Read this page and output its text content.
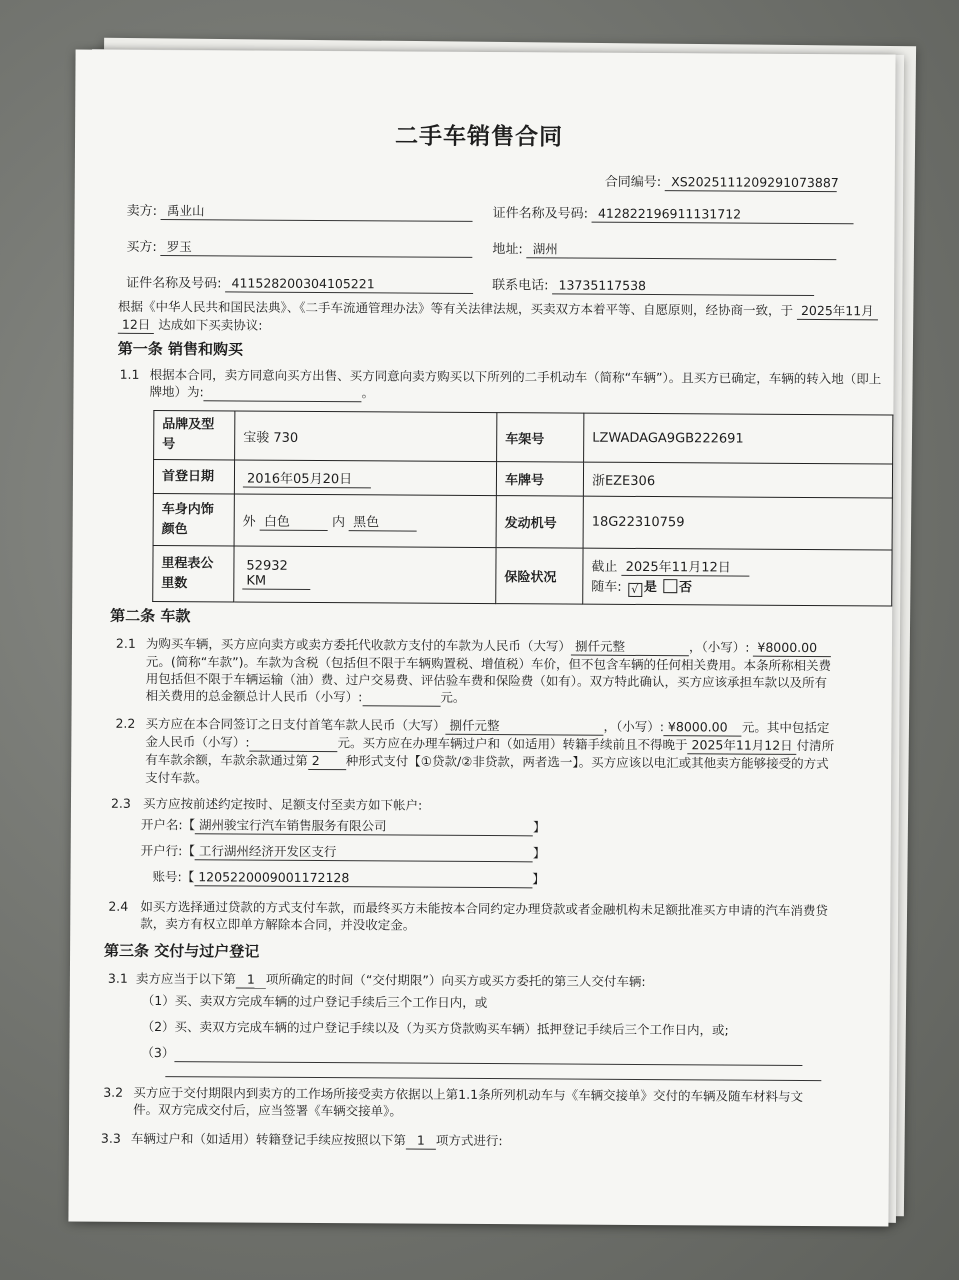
二手车销售合同
合同编号: XS2025111209291073887
卖方: 禹业山	证件名称及号码: 412822196911131712
买方: 罗玉	地址: 湖州
证件名称及号码: 411528200304105221	联系电话: 13735117538
根据《中华人民共和国民法典》、《二手车流通管理办法》等有关法律法规，买卖双方本着平等、自愿原则，经协商一致，于 2025年11月
12日 达成如下买卖协议:
第一条 销售和购买
1.1 根据本合同，卖方同意向买方出售、买方同意向卖方购买以下所列的二手机动车（简称“车辆”）。且买方已确定，车辆的转入地（即上牌地）为:	。
品牌及型号	宝骏 730	车架号	LZWADAGA9GB222691
首登日期	2016年05月20日	车牌号	浙EZE306
车身内饰颜色	外 白色 内 黑色	发动机号	18G22310759
里程表公里数	52932 KM	保险状况	截止 2025年11月12日
随车: √ 是 否
第二条 车款
2.1 为购买车辆，买方应向卖方或卖方委托代收款方支付的车款为人民币（大写） 捌仟元整	，（小写）: ¥8000.00元。(简称“车款”)。车款为含税（包括但不限于车辆购置税、增值税）车价，但不包含车辆的任何相关费用。本条所称相关费用包括但不限于车辆运输（油）费、过户交易费、评估验车费和保险费（如有）。双方特此确认，买方应该承担车款以及所有相关费用的总金额总计人民币（小写）:	元。
2.2 买方应在本合同签订之日支付首笔车款人民币（大写） 捌仟元整	，（小写）: ¥8000.00 元。其中包括定金人民币（小写）:	元。买方应在办理车辆过户和（如适用）转籍手续前且不得晚于 2025年11月12日 付清所有车款余额，车款余款通过第 2 种形式支付【①贷款/②非贷款，两者选一】。买方应该以电汇或其他卖方能够接受的方式支付车款。
2.3 买方应按前述约定按时、足额支付至卖方如下帐户:
开户名:【 湖州骏宝行汽车销售服务有限公司	】
开户行:【 工行湖州经济开发区支行	】
账号:【 1205220009001172128	】
2.4 如买方选择通过贷款的方式支付车款，而最终买方未能按本合同约定办理贷款或者金融机构未足额批准买方申请的汽车消费贷款，卖方有权立即单方解除本合同，并没收定金。
第三条 交付与过户登记
3.1 卖方应当于以下第 1 项所确定的时间（“交付期限”）向买方或买方委托的第三人交付车辆:
（1）买、卖双方完成车辆的过户登记手续后三个工作日内，或
（2）买、卖双方完成车辆的过户登记手续以及（为买方贷款购买车辆）抵押登记手续后三个工作日内，或;
（3）
3.2 买方应于交付期限内到卖方的工作场所接受卖方依据以上第1.1条所列机动车与《车辆交接单》交付的车辆及随车材料与文件。双方完成交付后，应当签署《车辆交接单》。
3.3 车辆过户和（如适用）转籍登记手续应按照以下第 1 项方式进行:
